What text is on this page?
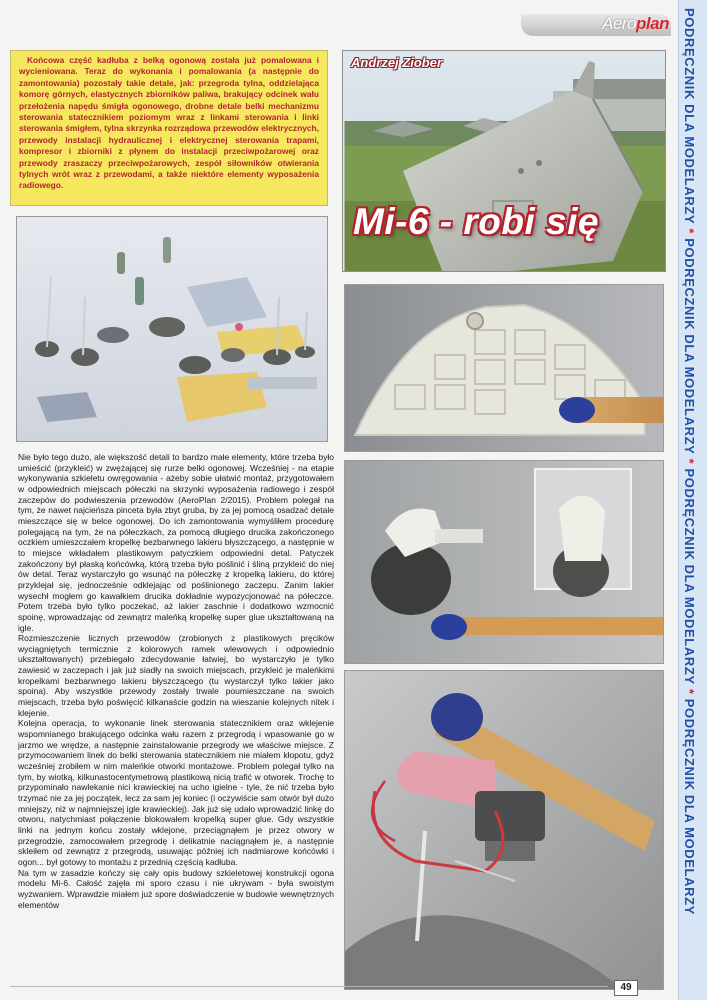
Aeroplan PODRĘCZNIK DLA MODELARZY * PODRĘCZNIK DLA MODELARZY * PODRĘCZNIK DLA MODELARZY * PODRĘCZNIK DLA MODELARZY

Końcowa część kadłuba z belką ogonową została już pomalowana i wycieniowana. Teraz do wykonania i pomalowania (a następnie do zamontowania) pozostały takie detale, jak: przegroda tylna, oddzielająca komorę górnych, elastycznych zbiorników paliwa, brakujący odcinek wału przełożenia napędu śmigła ogonowego, drobne detale belki mechanizmu sterowania statecznikiem poziomym wraz z linkami sterowania i linki sterowania śmigłem, tylna skrzynka rozrządowa przewodów elektrycznych, przewody instalacji hydraulicznej i elektrycznej sterowania trapami, kompresor i zbiorniki z płynem do instalacji przeciwpożarowej oraz przewody zraszaczy przeciwpożarowych, zespół siłowników otwierania tylnych wrót wraz z przewodami, a także niektóre elementy wyposażenia radiowego.

Andrzej Ziober
Mi-6 - robi się

Nie było tego dużo, ale większość detali to bardzo małe elementy, które trzeba było umieścić (przykleić) w zwężającej się rurze belki ogonowej. Wcześniej - na etapie wykonywania szkieletu owręgowania - ażeby sobie ułatwić montaż, przygotowałem w odpowiednich miejscach półeczki na skrzynki wyposażenia radiowego i zespół zaczepów do podwieszenia przewodów (AeroPlan 2/2015). Problem polegał na tym, że nawet najcieńsza pinceta była zbyt gruba, by za jej pomocą osadzać detale mieszczące się w belce ogonowej. Do ich zamontowania wymyśliłem procedurę polegającą na tym, że na półeczkach, za pomocą długiego drucika zakończonego oczkiem umieszczałem kropelkę bezbarwnego lakieru błyszczącego, a następnie w to miejsce wkładałem plastikowym patyczkiem odpowiedni detal. Patyczek zakończony był płaską końcówką, którą trzeba było poślinić i śliną przykleić do niej ów detal. Teraz wystarczyło go wsunąć na półeczkę z kropelką lakieru, do której przyklejał się, jednocześnie odklejając od poślinionego zaczepu. Zanim lakier wysechł mogłem go kawałkiem drucika dokładnie wypozycjonować na półeczce. Potem trzeba było tylko poczekać, aż lakier zaschnie i dodatkowo wzmocnić spoinę, wprowadzając od zewnątrz maleńką kropelkę super glue ukształtowaną na igle.

Rozmieszczenie licznych przewodów (zrobionych z plastikowych pręcików wyciągniętych termicznie z kolorowych ramek wlewowych i odpowiednio ukształtowanych) przebiegało zdecydowanie łatwiej, bo wystarczyło je tylko zawiesić w zaczepach i jak już siadły na swoich miejscach, przykleić je maleńkimi kropelkami bezbarwnego lakieru błyszczącego (tu wystarczył tylko lakier jako spoina). Aby wszystkie przewody zostały trwale poumieszczane na swoich miejscach, trzeba było poświęcić kilkanaście godzin na wieszanie kolejnych nitek i klejenie.

Kolejna operacja, to wykonanie linek sterowania statecznikiem oraz wklejenie wspomnianego brakującego odcinka wału razem z przegrodą i wpasowanie go w jarzmo we wrędze, a następnie zainstalowanie przegrody we właściwe miejsce. Z przymocowaniem linek do belki sterowania statecznikiem nie miałem kłopotu, gdyż wcześniej zrobiłem w nim maleńkie otworki montażowe. Problem polegał tylko na tym, by wiotką, kilkunastocentymetrową plastikową nicią trafić w otworek. Trochę to przypominało nawlekanie nici krawieckiej na ucho igielne - tyle, że nić trzeba było trzymać nie za jej początek, lecz za sam jej koniec (i oczywiście sam otwór był dużo mniejszy, niż w najmniejszej igle krawieckiej). Jak już się udało wprowadzić linkę do otworu, natychmiast połączenie blokowałem kropelką super glue. Gdy wszystkie linki na jednym końcu zostały wklejone, przeciągnąłem je przez otwory w przegrodzie, zamocowałem przegrodę i delikatnie naciągnąłem je, a następnie skleiłem od zewnątrz z przegrodą, usuwając później ich nadmiarowe końcówki i ogon... był gotowy to montażu z przednią częścią kadłuba.

Na tym w zasadzie kończy się cały opis budowy szkieletowej konstrukcji ogona modelu Mi-6. Całość zajęła mi sporo czasu i nie ukrywam - była swoistym wyzwaniem. Wprawdzie miałem już spore doświadczenie w budowie wewnętrznych elementów

49
